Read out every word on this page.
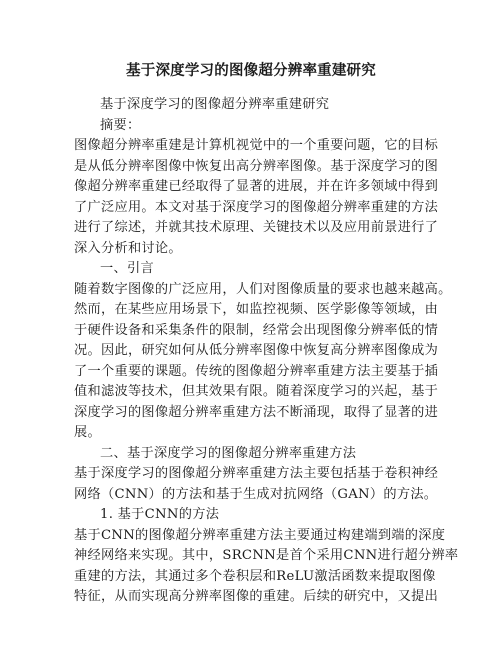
基于深度学习的图像超分辨率重建研究

基于深度学习的图像超分辨率重建研究

摘要：

图像超分辨率重建是计算机视觉中的一个重要问题，它的目标

是从低分辨率图像中恢复出高分辨率图像。基于深度学习的图

像超分辨率重建已经取得了显著的进展，并在许多领域中得到

了广泛应用。本文对基于深度学习的图像超分辨率重建的方法

进行了综述，并就其技术原理、关键技术以及应用前景进行了

深入分析和讨论。

一、引言

随着数字图像的广泛应用，人们对图像质量的要求也越来越高。

然而，在某些应用场景下，如监控视频、医学影像等领域，由

于硬件设备和采集条件的限制，经常会出现图像分辨率低的情

况。因此，研究如何从低分辨率图像中恢复高分辨率图像成为

了一个重要的课题。传统的图像超分辨率重建方法主要基于插

值和滤波等技术，但其效果有限。随着深度学习的兴起，基于

深度学习的图像超分辨率重建方法不断涌现，取得了显著的进

展。

二、基于深度学习的图像超分辨率重建方法

基于深度学习的图像超分辨率重建方法主要包括基于卷积神经

网络（CNN）的方法和基于生成对抗网络（GAN）的方法。

1. 基于CNN的方法

基于CNN的图像超分辨率重建方法主要通过构建端到端的深度

神经网络来实现。其中，SRCNN是首个采用CNN进行超分辨率

重建的方法，其通过多个卷积层和ReLU激活函数来提取图像

特征，从而实现高分辨率图像的重建。后续的研究中，又提出
